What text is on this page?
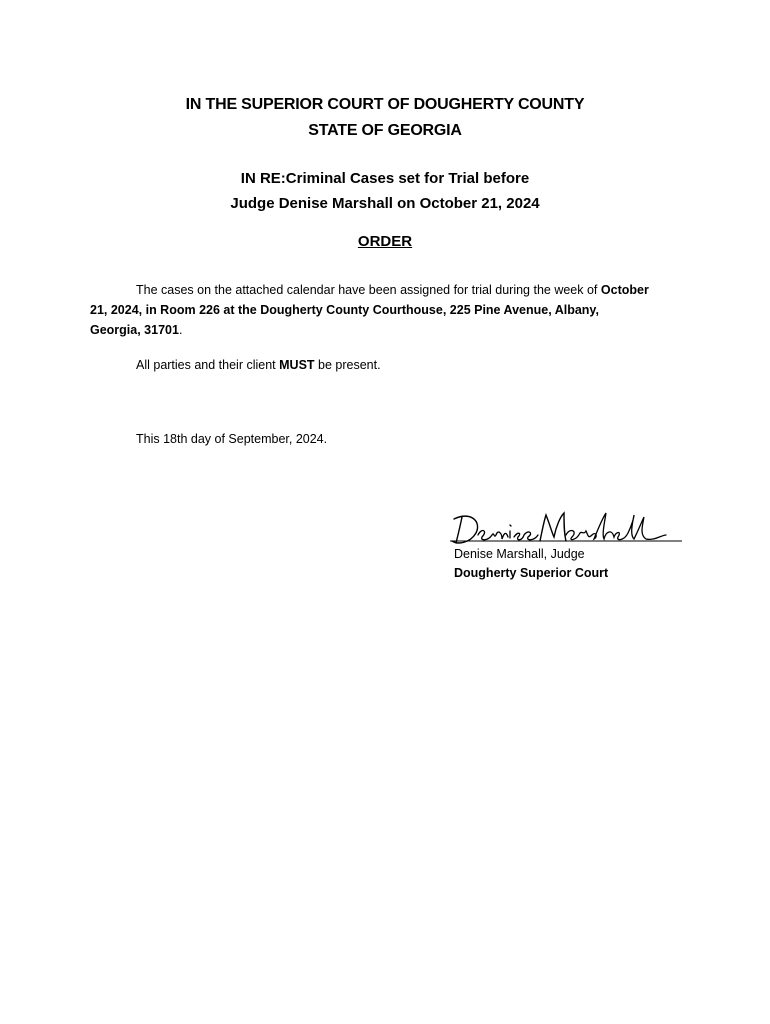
IN THE SUPERIOR COURT OF DOUGHERTY COUNTY
STATE OF GEORGIA
IN RE:Criminal Cases set for Trial before
Judge Denise Marshall on October 21, 2024
ORDER
The cases on the attached calendar have been assigned for trial during the week of October 21, 2024, in Room 226 at the Dougherty County Courthouse, 225 Pine Avenue, Albany, Georgia, 31701.
All parties and their client MUST be present.
This 18th day of September, 2024.
Denise Marshall, Judge
Dougherty Superior Court
